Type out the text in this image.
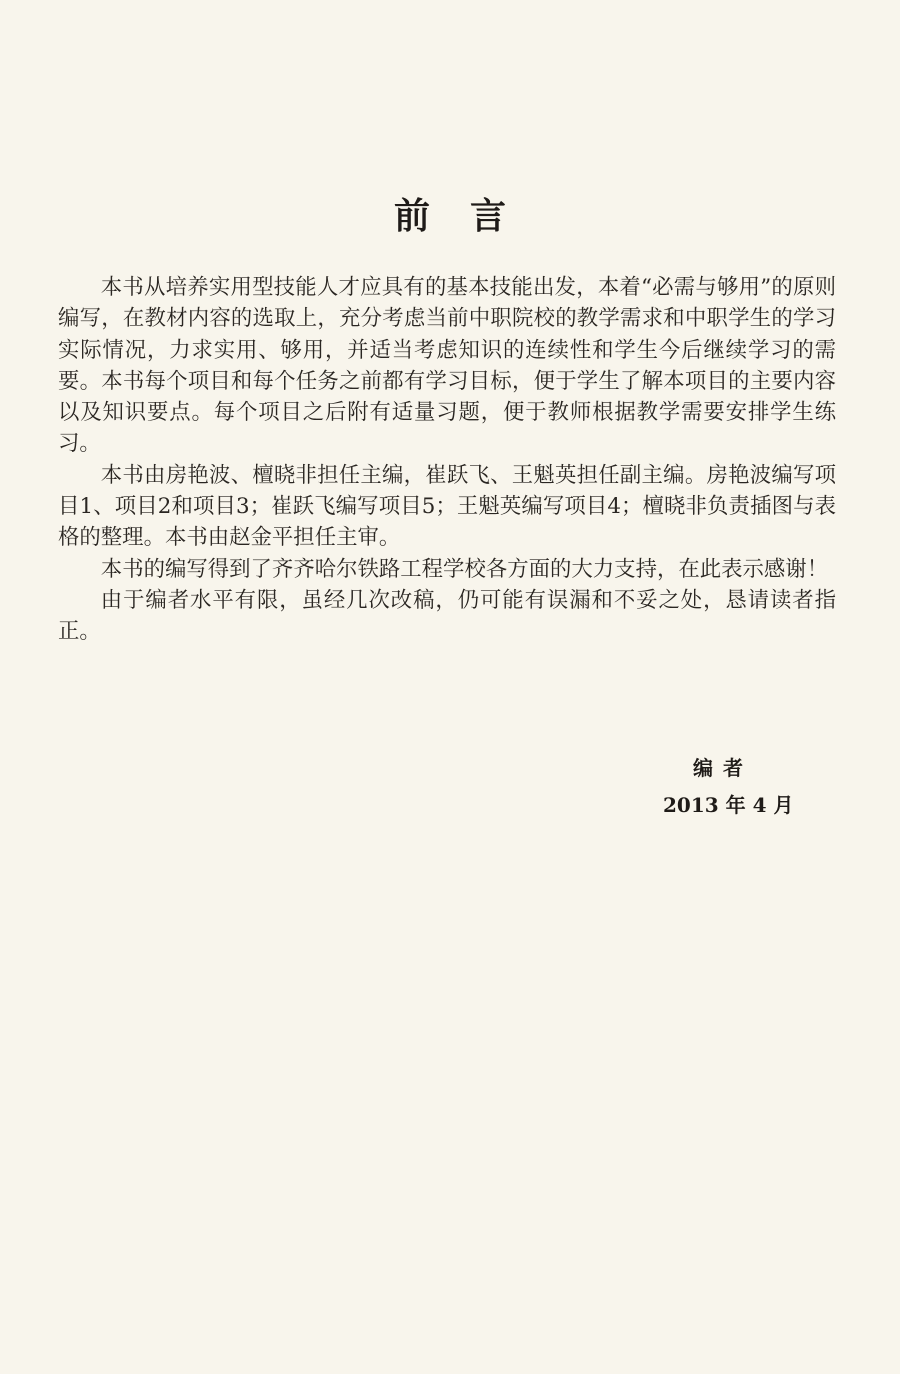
前言

本书从培养实用型技能人才应具有的基本技能出发，本着“必需与够用”的原则编写，在教材内容的选取上，充分考虑当前中职院校的教学需求和中职学生的学习实际情况，力求实用、够用，并适当考虑知识的连续性和学生今后继续学习的需要。本书每个项目和每个任务之前都有学习目标，便于学生了解本项目的主要内容以及知识要点。每个项目之后附有适量习题，便于教师根据教学需要安排学生练习。

本书由房艳波、檀晓非担任主编，崔跃飞、王魁英担任副主编。房艳波编写项目1、项目2和项目3；崔跃飞编写项目5；王魁英编写项目4；檀晓非负责插图与表格的整理。本书由赵金平担任主审。

本书的编写得到了齐齐哈尔铁路工程学校各方面的大力支持，在此表示感谢！

由于编者水平有限，虽经几次改稿，仍可能有误漏和不妥之处，恳请读者指正。

编者
2013 年 4 月
